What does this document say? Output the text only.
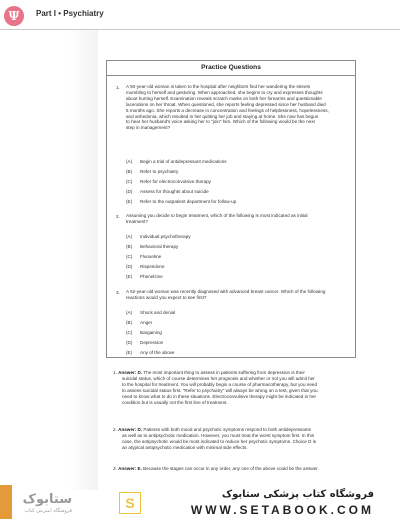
Ψ	Part I • Psychiatry
Practice Questions
1. A 50-year-old woman is taken to the hospital after neighbors find her wandering the streets
mumbling to herself and gesturing. When approached, she begins to cry and expresses thoughts
about hurting herself. Examination reveals scratch marks on both her forearms and questionable
lacerations on her throat. When questioned, she reports feeling depressed since her husband died
5 months ago. She reports a decrease in concentration and feelings of helplessness, hopelessness,
and anhedonia, which resulted in her quitting her job and staying at home. She now has begun
to hear her husband's voice asking her to "join" him. Which of the following would be the next
step in management?
(A) Begin a trial of antidepressant medications
(B) Refer to psychiatry
(C) Refer for electroconvulsive therapy
(D) Assess for thoughts about suicide
(E) Refer to the outpatient department for follow-up
2. Assuming you decide to begin treatment, which of the following is most indicated as initial
treatment?
(A) Individual psychotherapy
(B) Behavioral therapy
(C) Fluoxetine
(D) Risperidone
(E) Phenelzine
3. A 52-year-old woman was recently diagnosed with advanced breast cancer. Which of the following
reactions would you expect to see first?
(A) Shock and denial
(B) Anger
(C) Bargaining
(D) Depression
(E) Any of the above
1. Answer: D. The most important thing to assess in patients suffering from depression is their
suicidal status, which of course determines her prognosis and whether or not you will admit her
to the hospital for treatment. You will probably begin a course of pharmacotherapy, but you need
to assess suicidal status first. "Refer to psychiatry" will always be wrong on a test, given that you
need to know what to do in these situations. Electroconvulsive therapy might be indicated in her
condition but is usually not the first line of treatment.
2. Answer: D. Patients with both mood and psychotic symptoms respond to both antidepressants
as well as to antipsychotic medication. However, you must treat the worst symptom first. In this
case, the antipsychotic would be most indicated to reduce her psychotic symptoms. Choice D is
an atypical antipsychotic medication with minimal side effects.
3. Answer: E. Because the stages can occur in any order, any one of the above could be the answer.
ستابوک
فروشگاه اینترنتی کتاب	S
فروشگاه کتاب پزشکی ستابوک
WWW.SETABOOK.COM
